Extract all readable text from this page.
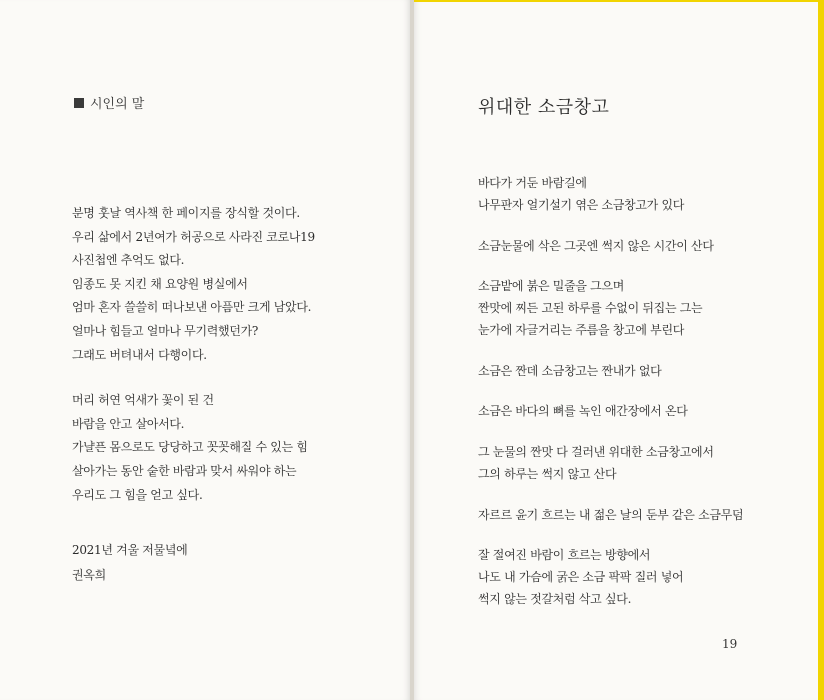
시인의 말
분명 훗날 역사책 한 페이지를 장식할 것이다.
우리 삶에서 2년여가 허공으로 사라진 코로나19
사진첩엔 추억도 없다.
임종도 못 지킨 채 요양원 병실에서
엄마 혼자 쓸쓸히 떠나보낸 아픔만 크게 남았다.
얼마나 힘들고 얼마나 무기력했던가?
그래도 버텨내서 다행이다.
머리 허연 억새가 꽃이 된 건
바람을 안고 살아서다.
가냘픈 몸으로도 당당하고 꼿꼿해질 수 있는 힘
살아가는 동안 숱한 바람과 맞서 싸워야 하는
우리도 그 힘을 얻고 싶다.
2021년 겨울 저물녘에
권옥희
위대한 소금창고
바다가 거둔 바람길에
나무판자 얼기설기 엮은 소금창고가 있다
소금눈물에 삭은 그곳엔 썩지 않은 시간이 산다
소금밭에 붉은 밀줄을 그으며
짠맛에 찌든 고된 하루를 수없이 뒤집는 그는
눈가에 자글거리는 주름을 창고에 부린다
소금은 짠데 소금창고는 짠내가 없다
소금은 바다의 뼈를 녹인 애간장에서 온다
그 눈물의 짠맛 다 걸러낸 위대한 소금창고에서
그의 하루는 썩지 않고 산다
자르르 윤기 흐르는 내 젊은 날의 둔부 같은 소금무덤
잘 절여진 바람이 흐르는 방향에서
나도 내 가슴에 굵은 소금 팍팍 질러 넣어
썩지 않는 젓갈처럼 삭고 싶다.
19
